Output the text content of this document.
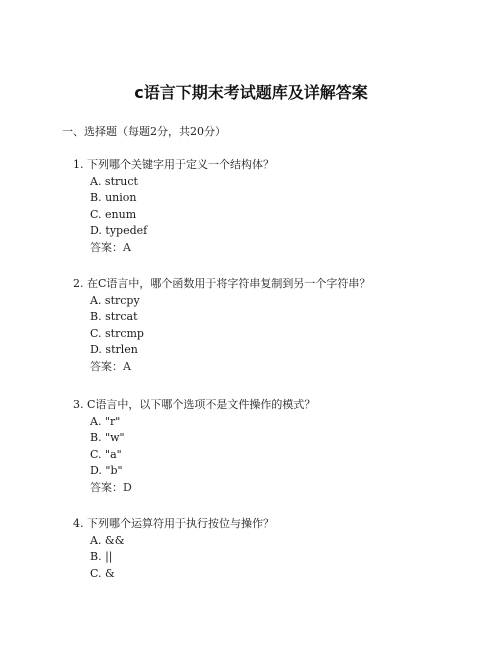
c语言下期末考试题库及详解答案
一、选择题（每题2分，共20分）
1. 下列哪个关键字用于定义一个结构体？
A. struct
B. union
C. enum
D. typedef
答案：A
2. 在C语言中，哪个函数用于将字符串复制到另一个字符串？
A. strcpy
B. strcat
C. strcmp
D. strlen
答案：A
3. C语言中，以下哪个选项不是文件操作的模式？
A. "r"
B. "w"
C. "a"
D. "b"
答案：D
4. 下列哪个运算符用于执行按位与操作？
A. &&
B. ||
C. &
